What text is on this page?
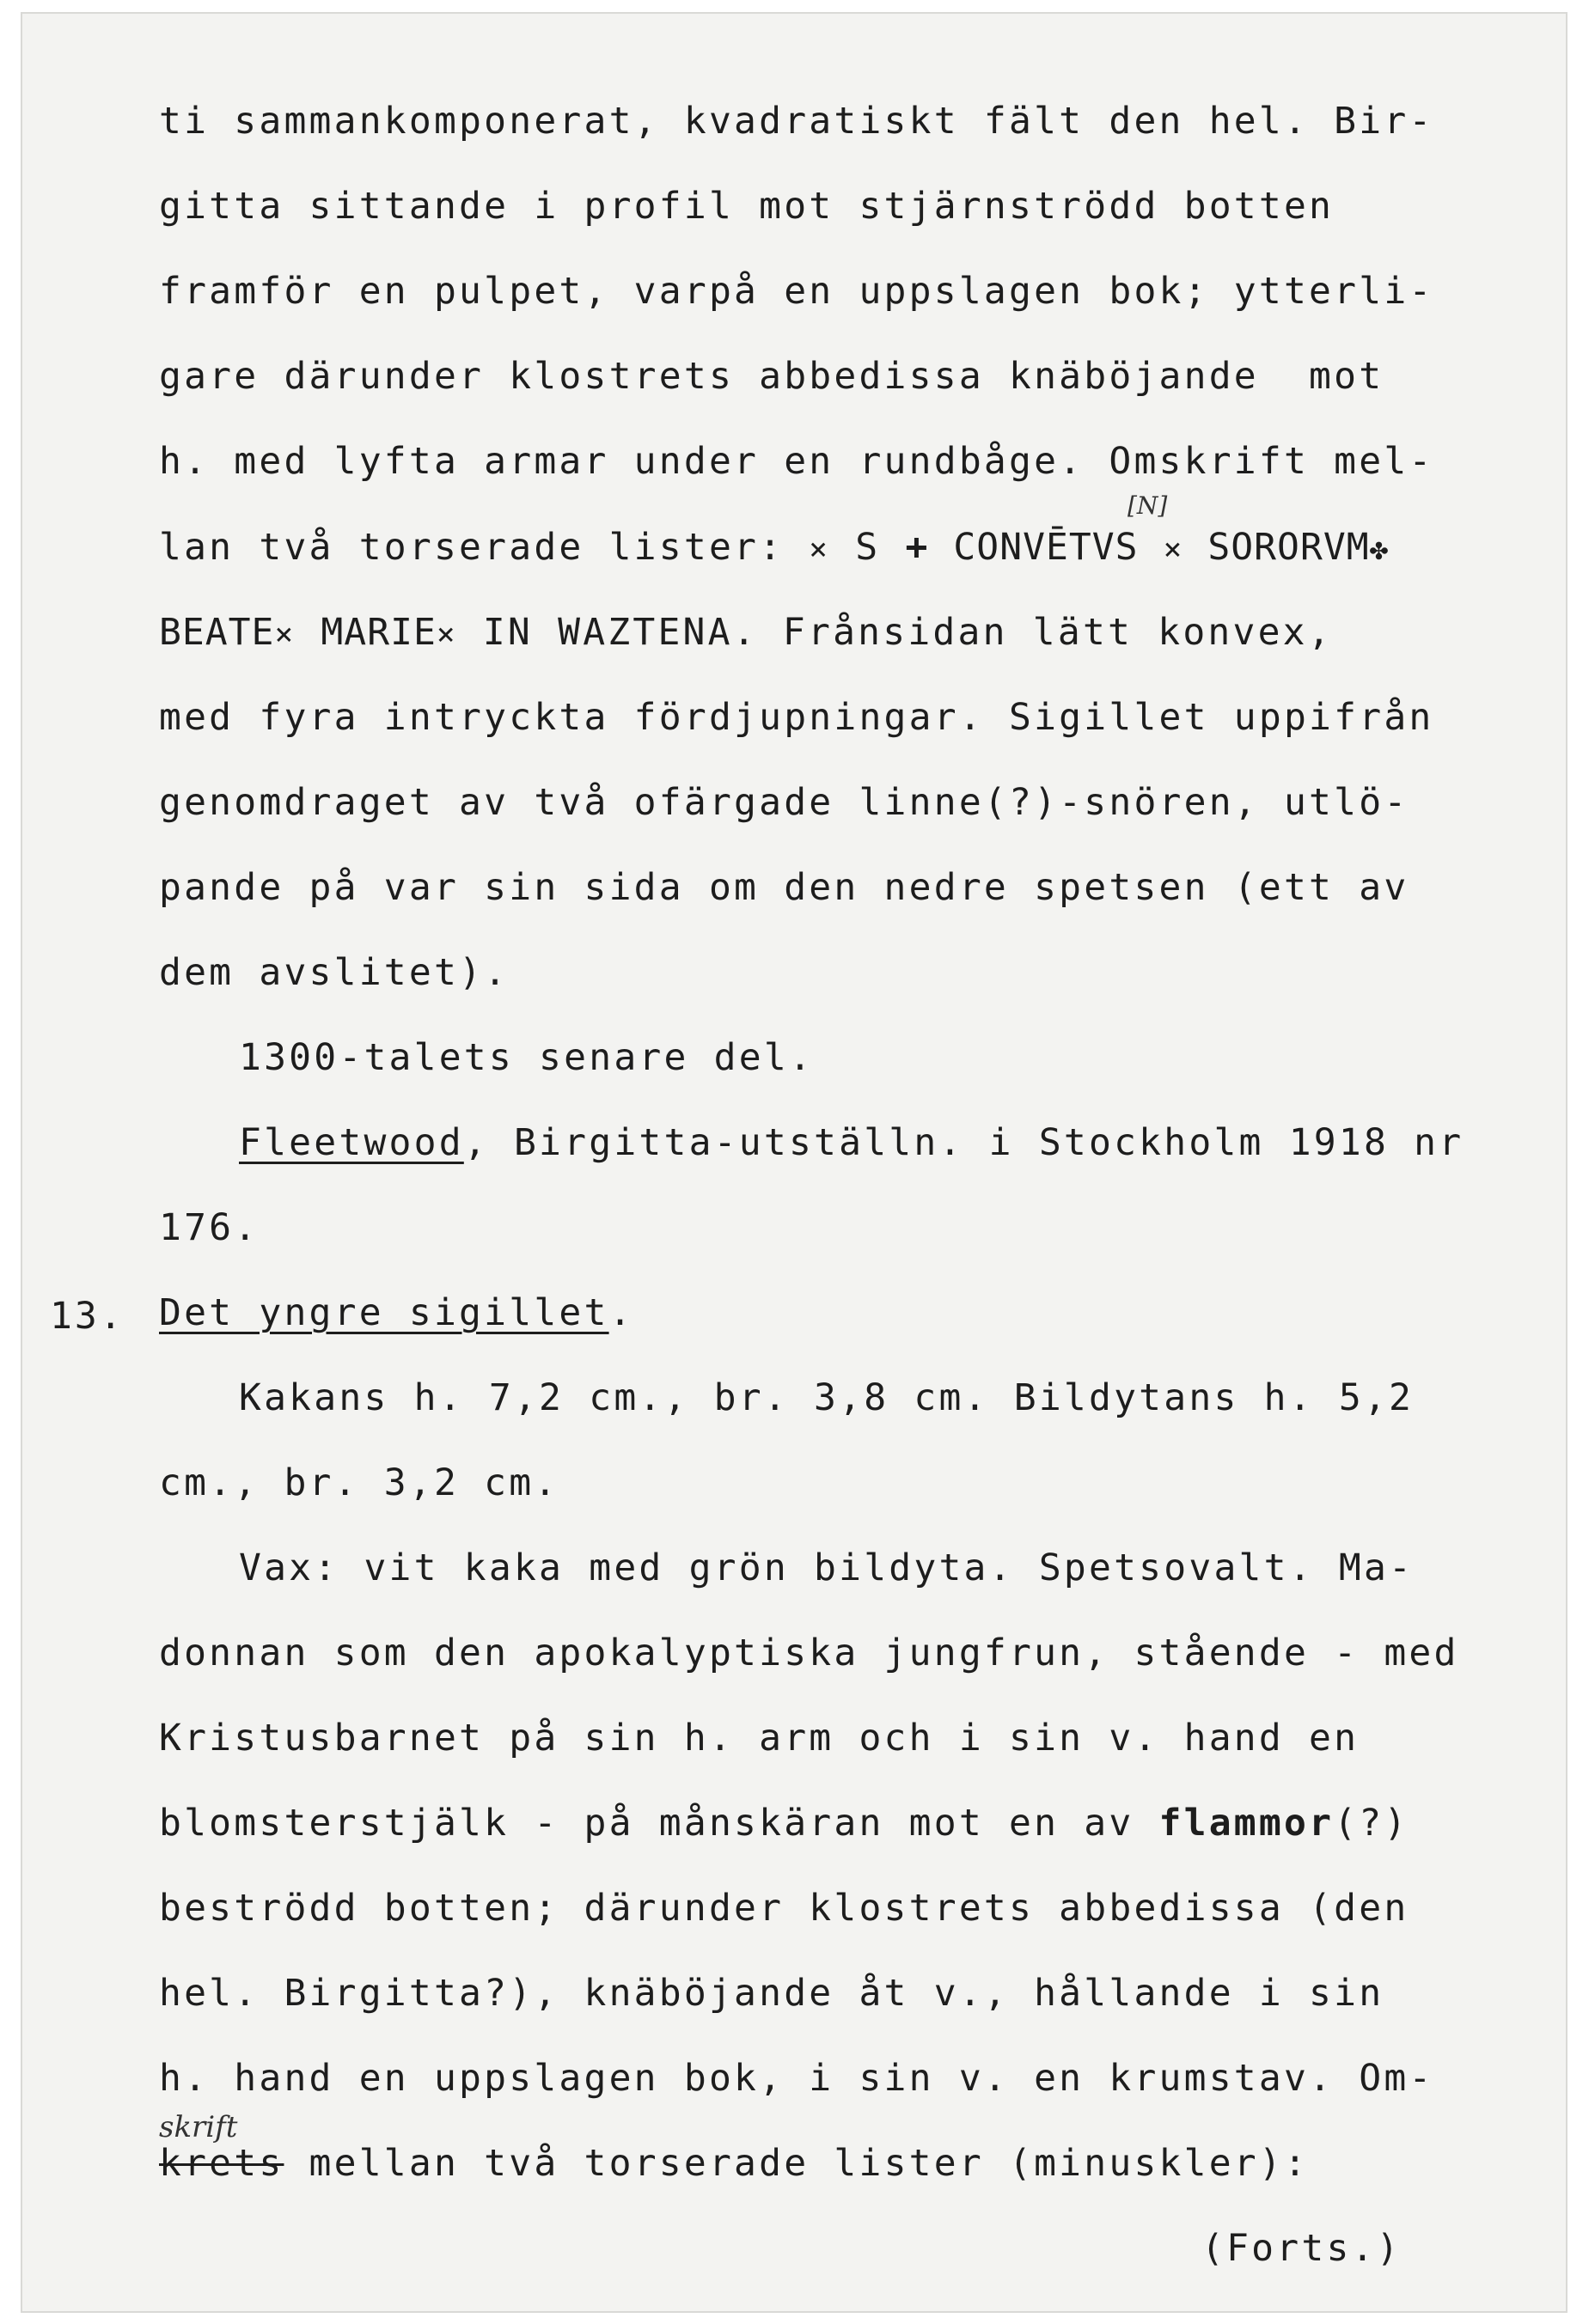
ti sammankomponerat, kvadratiskt fält den hel. Bir-
gitta sittande i profil mot stjärnströdd botten
framför en pulpet, varpå en uppslagen bok; ytterli-
gare därunder klostrets abbedissa knäböjande  mot
h. med lyfta armar under en rundbåge. Omskrift mel-
[N]
lan två torserade lister: × S + CONVĒTVS × SORORVM✤
BEATE× MARIE× IN WAZTENA. Frånsidan lätt konvex,
med fyra intryckta fördjupningar. Sigillet uppifrån
genomdraget av två ofärgade linne(?)-snören, utlö-
pande på var sin sida om den nedre spetsen (ett av
dem avslitet).
1300-talets senare del.
Fleetwood, Birgitta-utställn. i Stockholm 1918 nr
176.
13. Det yngre sigillet.
Kakans h. 7,2 cm., br. 3,8 cm. Bildytans h. 5,2
cm., br. 3,2 cm.
Vax: vit kaka med grön bildyta. Spetsovalt. Ma-
donnan som den apokalyptiska jungfrun, stående - med
Kristusbarnet på sin h. arm och i sin v. hand en
blomsterstjälk - på månskäran mot en av flammor(?)
beströdd botten; därunder klostrets abbedissa (den
hel. Birgitta?), knäböjande åt v., hållande i sin
h. hand en uppslagen bok, i sin v. en krumstav. Om-
skrift
krets mellan två torserade lister (minuskler):
(Forts.)
